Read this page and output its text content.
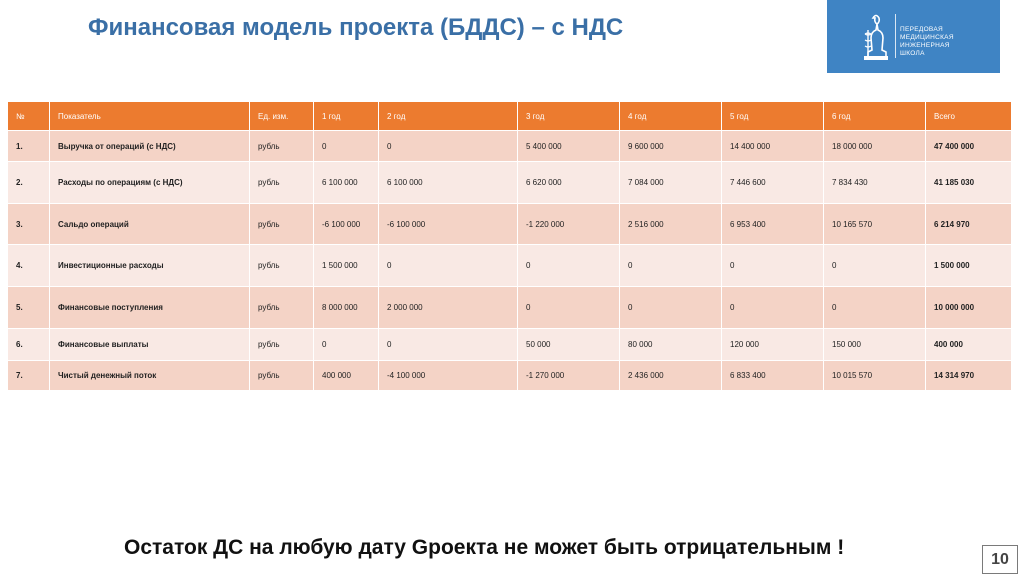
Финансовая модель проекта (БДДС) – с НДС	ПЕРЕДОВАЯ
МЕДИЦИНСКАЯ
ИНЖЕНЕРНАЯ
ШКОЛА
№	Показатель	Ед. изм.	1 год	2 год	3 год	4 год	5 год	6 год	Всего
1.	Выручка от операций (с НДС)	рубль	0	0	5 400 000	9 600 000	14 400 000	18 000 000	47 400 000
2.	Расходы по операциям (с НДС)	рубль	6 100 000	6 100 000	6 620 000	7 084 000	7 446 600	7 834 430	41 185 030
3.	Сальдо операций	рубль	-6 100 000	-6 100 000	-1 220 000	2 516 000	6 953 400	10 165 570	6 214 970
4.	Инвестиционные расходы	рубль	1 500 000	0	0	0	0	0	1 500 000
5.	Финансовые поступления	рубль	8 000 000	2 000 000	0	0	0	0	10 000 000
6.	Финансовые выплаты	рубль	0	0	50 000	80 000	120 000	150 000	400 000
7.	Чистый денежный поток	рубль	400 000	-4 100 000	-1 270 000	2 436 000	6 833 400	10 015 570	14 314 970
Остаток ДС на любую дату Gроекта не может быть отрицательным !
10
